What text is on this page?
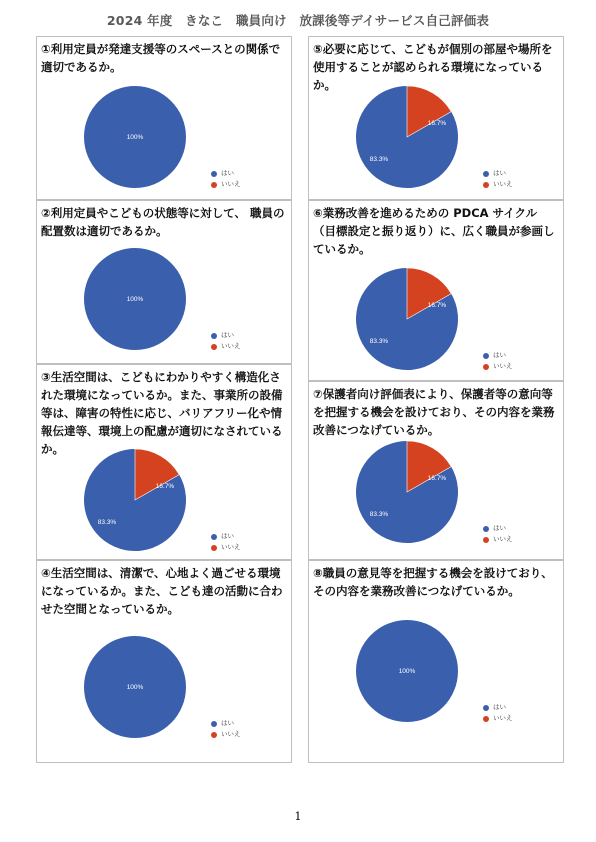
2024 年度　きなこ　職員向け　放課後等デイサービス自己評価表
①利用定員が発達支援等のスペースとの関係で適切であるか。
100%
はい
いいえ
②利用定員やこどもの状態等に対して、 職員の配置数は適切であるか。
100%
はい
いいえ
③生活空間は、こどもにわかりやすく構造化された環境になっているか。また、事業所の設備等は、障害の特性に応じ、バリアフリー化や情報伝達等、環境上の配慮が適切になされているか。
83.3%
16.7%
はい
いいえ
④生活空間は、清潔で、心地よく過ごせる環境になっているか。また、こども達の活動に合わせた空間となっているか。
100%
はい
いいえ
⑤必要に応じて、こどもが個別の部屋や場所を使用することが認められる環境になっているか。
83.3%
16.7%
はい
いいえ
⑥業務改善を進めるための PDCA サイクル（目標設定と振り返り）に、広く職員が参画しているか。
83.3%
16.7%
はい
いいえ
⑦保護者向け評価表により、保護者等の意向等を把握する機会を設けており、その内容を業務改善につなげているか。
83.3%
16.7%
はい
いいえ
⑧職員の意見等を把握する機会を設けており、その内容を業務改善につなげているか。
100%
はい
いいえ
1
